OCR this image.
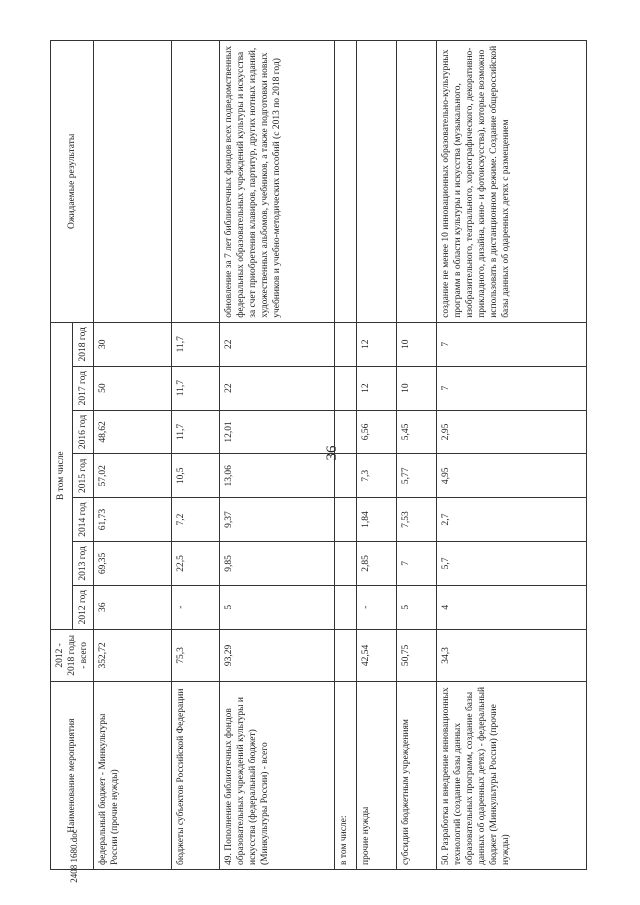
36
Наименование мероприятия	2012 - 2018 годы - всего	В том числе							Ожидаемые результаты
		2012 год	2013 год	2014 год	2015 год	2016 год	2017 год	2018 год	
федеральный бюджет - Минкультуры России (прочие нужды)	352,72	36	69,35	61,73	57,02	48,62	50	30	
бюджеты субъектов Российской Федерации	75,3	-	22,5	7,2	10,5	11,7	11,7	11,7	
49. Пополнение библиотечных фондов образовательных учреждений культуры и искусства (федеральный бюджет) (Минкультуры России) - всего	93,29	5	9,85	9,37	13,06	12,01	22	22	обновление за 7 лет библиотечных фондов всех подведомственных федеральных образовательных учреждений культуры и искусства за счет приобретения клавиров, партитур, других нотных изданий, художественных альбомов, учебников, а также подготовки новых учебников и учебно-методических пособий (с 2013 по 2018 год)
в том числе:									
прочие нужды	42,54	-	2,85	1,84	7,3	6,56	12	12	
субсидии бюджетным учреждениям	50,75	5	7	7,53	5,77	5,45	10	10	
50. Разработка и внедрение инновационных технологий (создание базы данных образовательных программ, создание базы данных об одаренных детях) - федеральный бюджет (Минкультуры России) (прочие нужды)	34,3	4	5,7	2,7	4,95	2,95	7	7	создание не менее 10 инновационных образовательно-культурных программ в области культуры и искусства (музыкального, изобразительного, театрального, хореографического, декоративно-прикладного, дизайна, кино- и фотоискусства), которые возможно использовать в дистанционном режиме. Создание общероссийской базы данных об одаренных детях с размещением
2408 1680.doc
